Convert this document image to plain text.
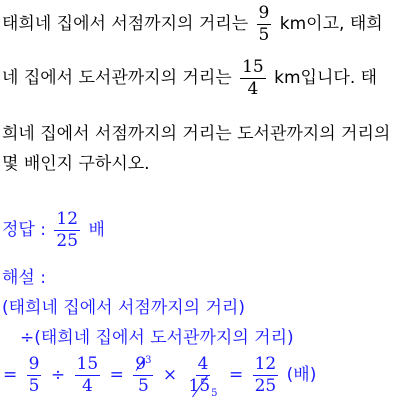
태희네 집에서 서점까지의 거리는 $\frac{9}{5}$ km이고, 태희
네 집에서 도서관까지의 거리는 $\frac{15}{4}$ km입니다. 태
희네 집에서 서점까지의 거리는 도서관까지의 거리의
몇 배인지 구하시오.
정답 : $\frac{12}{25}$ 배
해설 :
(태희네 집에서 서점까지의 거리)
÷(태희네 집에서 도서관까지의 거리)
= $\frac{9}{5} \div \frac{15}{4} = \frac{9^3}{5} \times \frac{4}{15_5} = \frac{12}{25}$ (배)
